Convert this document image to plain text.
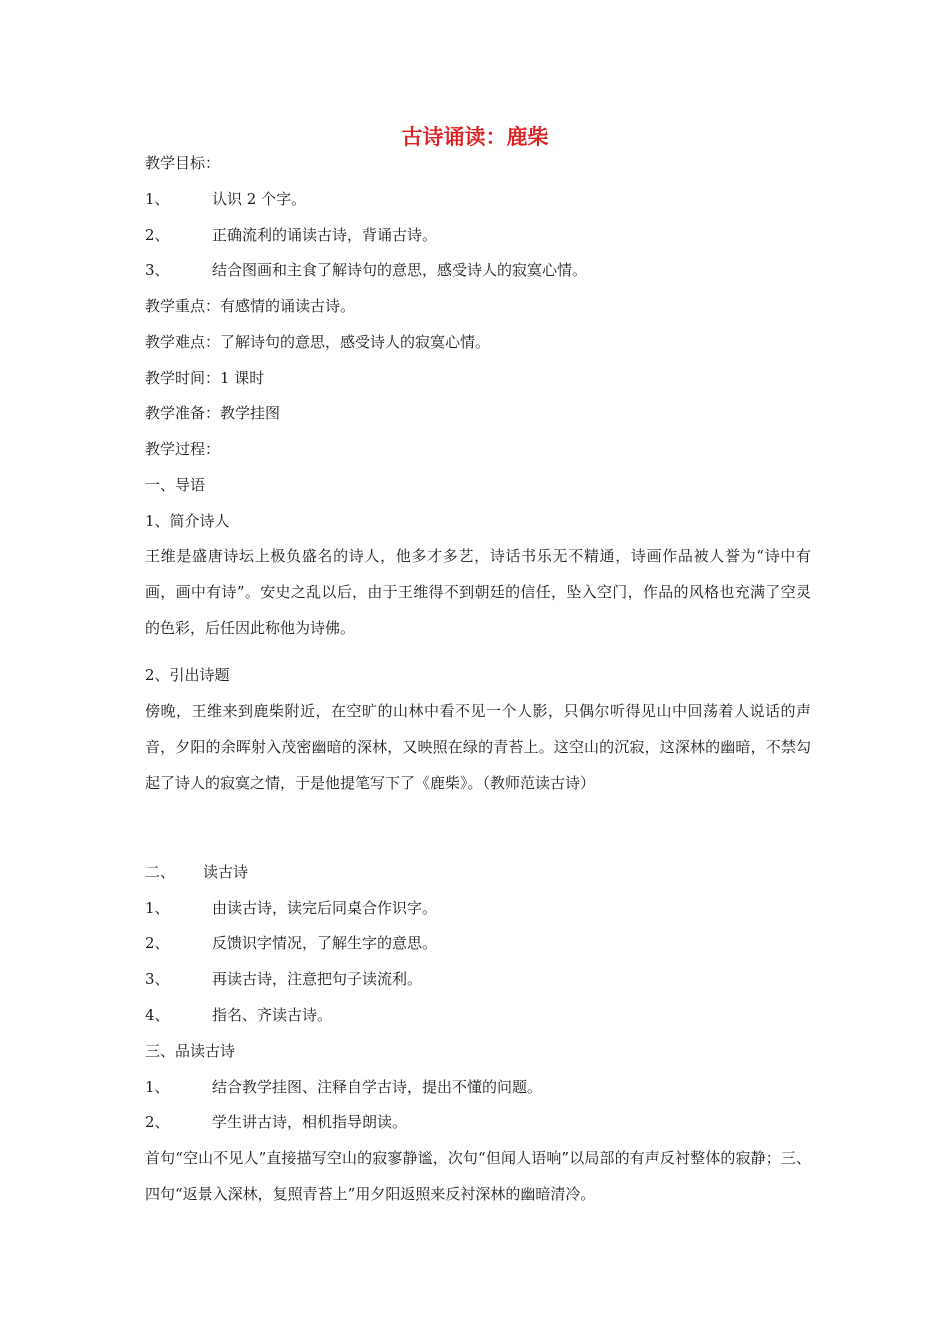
古诗诵读：鹿柴
教学目标：
1、	认识 2 个字。
2、	正确流利的诵读古诗，背诵古诗。
3、	结合图画和主食了解诗句的意思，感受诗人的寂寞心情。
教学重点：有感情的诵读古诗。
教学难点：了解诗句的意思，感受诗人的寂寞心情。
教学时间：1 课时
教学准备：教学挂图
教学过程：
一、导语
1、简介诗人
王维是盛唐诗坛上极负盛名的诗人，他多才多艺，诗话书乐无不精通，诗画作品被人誉为“诗中有画，画中有诗”。安史之乱以后，由于王维得不到朝廷的信任，坠入空门，作品的风格也充满了空灵的色彩，后任因此称他为诗佛。
2、引出诗题
傍晚，王维来到鹿柴附近，在空旷的山林中看不见一个人影，只偶尔听得见山中回荡着人说话的声音，夕阳的余晖射入茂密幽暗的深林，又映照在绿的青苔上。这空山的沉寂，这深林的幽暗，不禁勾起了诗人的寂寞之情，于是他提笔写下了《鹿柴》。（教师范读古诗）
二、 读古诗
1、	由读古诗，读完后同桌合作识字。
2、	反馈识字情况，了解生字的意思。
3、	再读古诗，注意把句子读流利。
4、	指名、齐读古诗。
三、品读古诗
1、	结合教学挂图、注释自学古诗，提出不懂的问题。
2、	学生讲古诗，相机指导朗读。
首句“空山不见人”直接描写空山的寂寥静谧，次句“但闻人语响”以局部的有声反衬整体的寂静；三、四句“返景入深林，复照青苔上”用夕阳返照来反衬深林的幽暗清冷。
